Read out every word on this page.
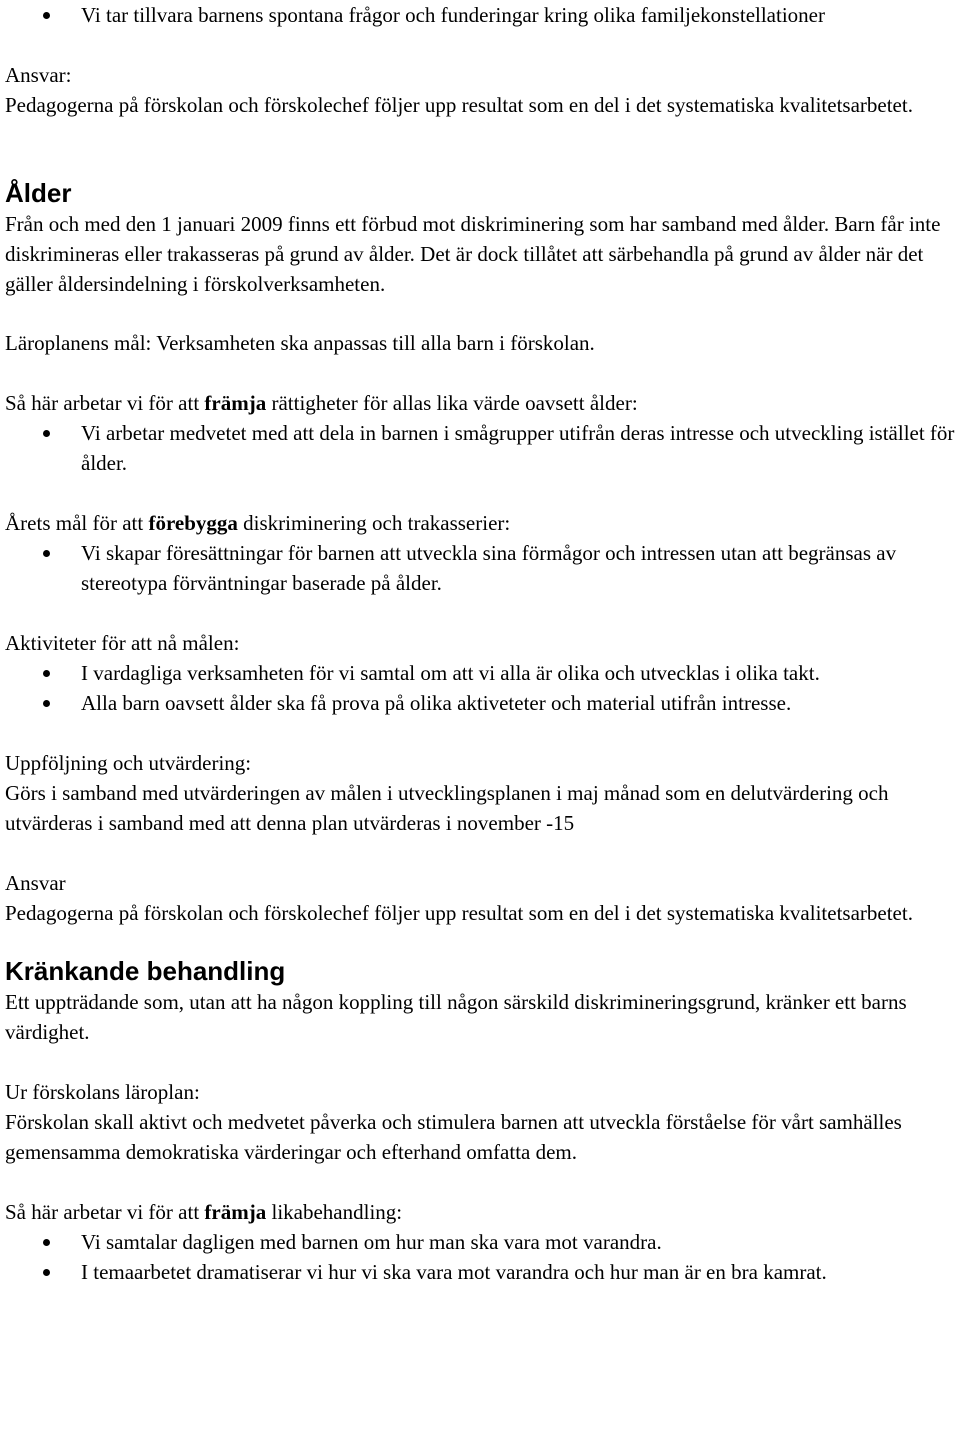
Vi tar tillvara barnens spontana frågor och funderingar kring olika familjekonstellationer

Ansvar:

Pedagogerna på förskolan och förskolechef följer upp resultat som en del i det systematiska kvalitetsarbetet.

Ålder

Från och med den 1 januari 2009 finns ett förbud mot diskriminering som har samband med ålder. Barn får inte diskrimineras eller trakasseras på grund av ålder. Det är dock tillåtet att särbehandla på grund av ålder när det gäller åldersindelning i förskolverksamheten.

Läroplanens mål: Verksamheten ska anpassas till alla barn i förskolan.

Så här arbetar vi för att främja rättigheter för allas lika värde oavsett ålder:

Vi arbetar medvetet med att dela in barnen i smågrupper utifrån deras intresse och utveckling istället för ålder.

Årets mål för att förebygga diskriminering och trakasserier:

Vi skapar föresättningar för barnen att utveckla sina förmågor och intressen utan att begränsas av stereotypa förväntningar baserade på ålder.

Aktiviteter för att nå målen:

I vardagliga verksamheten för vi samtal om att vi alla är olika och utvecklas i olika takt.
Alla barn oavsett ålder ska få prova på olika aktiveteter och material utifrån intresse.

Uppföljning och utvärdering:

Görs i samband med utvärderingen av målen i utvecklingsplanen i maj månad som en delutvärdering och utvärderas i samband med att denna plan utvärderas i november -15

Ansvar

Pedagogerna på förskolan och förskolechef följer upp resultat som en del i det systematiska kvalitetsarbetet.

Kränkande behandling

Ett uppträdande som, utan att ha någon koppling till någon särskild diskrimineringsgrund, kränker ett barns värdighet.

Ur förskolans läroplan:

Förskolan skall aktivt och medvetet påverka och stimulera barnen att utveckla förståelse för vårt samhälles gemensamma demokratiska värderingar och efterhand omfatta dem.

Så här arbetar vi för att främja likabehandling:

Vi samtalar dagligen med barnen om hur man ska vara mot varandra.
I temaarbetet dramatiserar vi hur vi ska vara mot varandra och hur man är en bra kamrat.
